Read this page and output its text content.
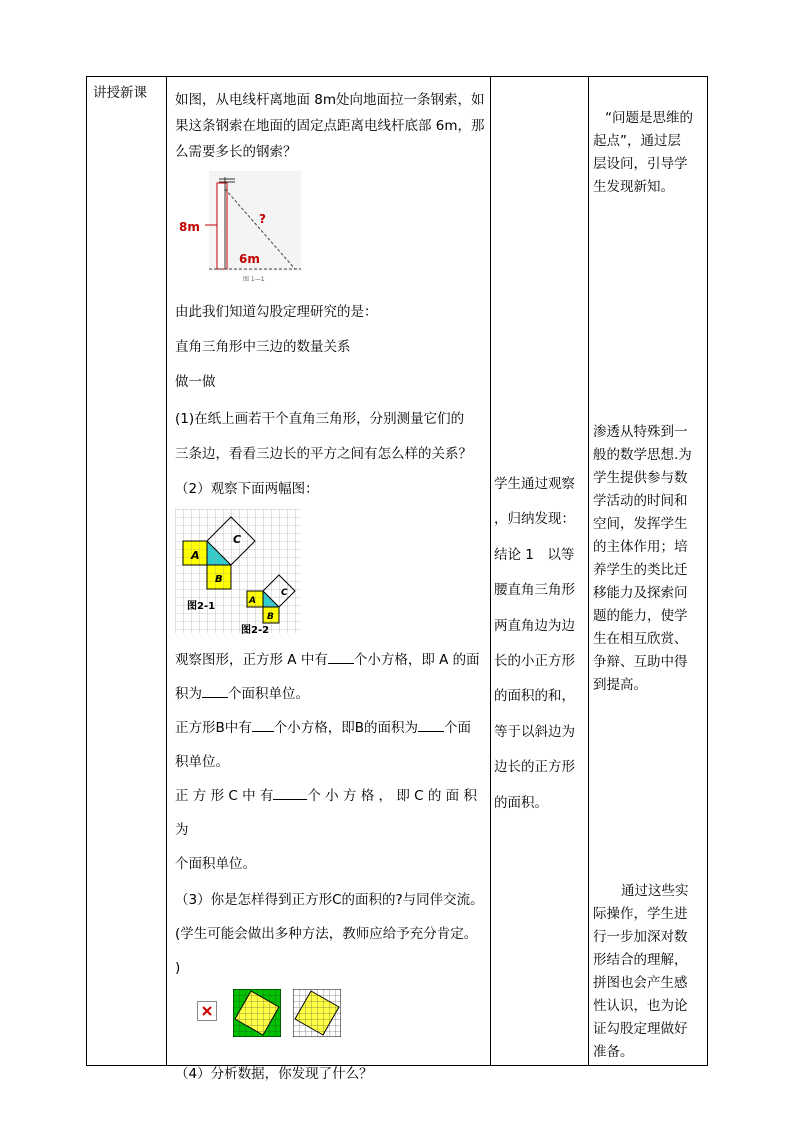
讲授新课	如图，从电线杆离地面 8m处向地面拉一条钢索，如

果这条钢索在地面的固定点距离电线杆底部 6m，那

么需要多长的钢索？

8m
?
6m
图 1—1

由此我们知道勾股定理研究的是：

直角三角形中三边的数量关系

做一做

(1)在纸上画若干个直角三角形，分别测量它们的

三条边，看看三边长的平方之间有怎么样的关系？

（2）观察下面两幅图：
A
B
C
A
B
C
图2-1
图2-2

观察图形，正方形 A 中有 个小方格，即 A 的面

积为 个面积单位。

正方形B中有 个小方格，即B的面积为 个面

积单位。

正 方 形 C 中 有	个 小 方 格 ， 即 C 的 面 积 为

个面积单位。

（3）你是怎样得到正方形C的面积的?与同伴交流。

(学生可能会做出多种方法，教师应给予充分肯定。

)

（4）分析数据，你发现了什么？

学生通过观察

，归纳发现：

结论 1　以等

腰直角三角形

两直角边为边

长的小正方形

的面积的和，

等于以斜边为

边长的正方形

的面积。

“问题是思维的

起点”，通过层

层设问，引导学

生发现新知。

渗透从特殊到一

般的数学思想.为

学生提供参与数

学活动的时间和

空间，发挥学生

的主体作用；培

养学生的类比迁

移能力及探索问

题的能力，使学

生在相互欣赏、

争辩、互助中得

到提高。

通过这些实

际操作，学生进

行一步加深对数

形结合的理解，

拼图也会产生感

性认识，也为论

证勾股定理做好

准备。
